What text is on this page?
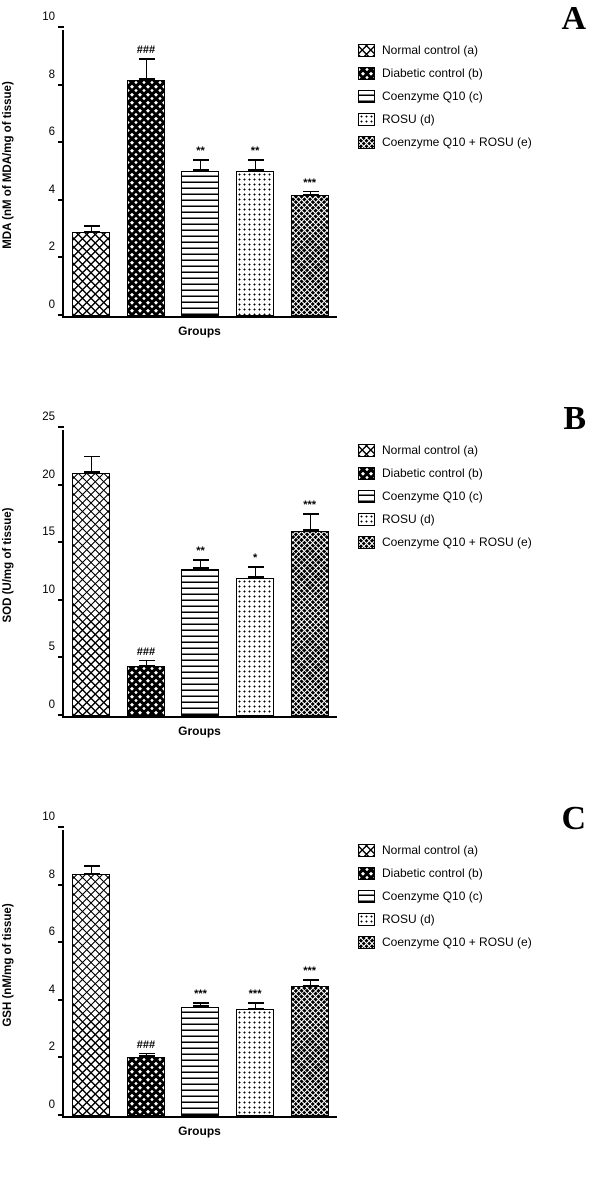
A
MDA (nM of MDA/mg of tissue)
0
2
4
6
8
10
###
**	**
***
Groups
Normal control (a)
Diabetic control (b)
Coenzyme Q10 (c)
ROSU (d)
Coenzyme Q10 + ROSU (e)
B
SOD (U/mg of tissue)
0
5
10
15
20
25
###
**
*
***
Groups
Normal control (a)
Diabetic control (b)
Coenzyme Q10 (c)
ROSU (d)
Coenzyme Q10 + ROSU (e)
C
GSH (nM/mg of tissue)
0
2
4
6
8
10
###
***	***
***
Groups
Normal control (a)
Diabetic control (b)
Coenzyme Q10 (c)
ROSU (d)
Coenzyme Q10 + ROSU (e)
